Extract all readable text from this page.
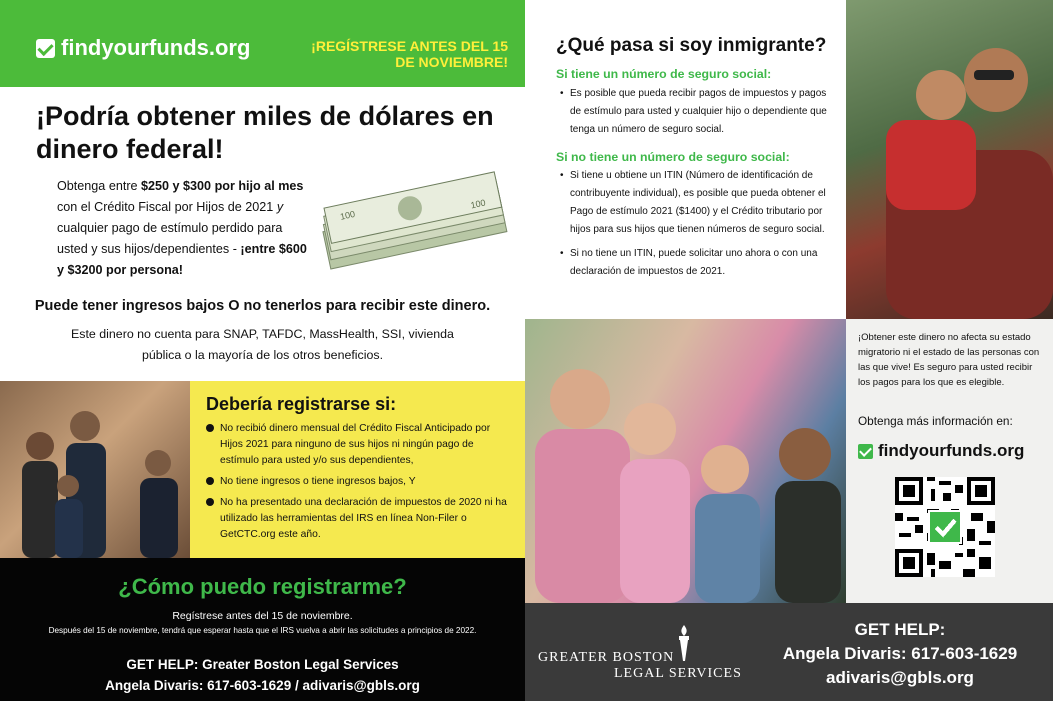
findyourfunds.org	¡REGÍSTRESE ANTES DEL 15 DE NOVIEMBRE!
¡Podría obtener miles de dólares en dinero federal!
Obtenga entre $250 y $300 por hijo al mes con el Crédito Fiscal por Hijos de 2021 y cualquier pago de estímulo perdido para usted y sus hijos/dependientes - ¡entre $600 y $3200 por persona!
100
100
Puede tener ingresos bajos O no tenerlos para recibir este dinero.
Este dinero no cuenta para SNAP, TAFDC, MassHealth, SSI, vivienda pública o la mayoría de los otros beneficios.
Debería registrarse si:
No recibió dinero mensual del Crédito Fiscal Anticipado por Hijos 2021 para ninguno de sus hijos ni ningún pago de estímulo para usted y/o sus dependientes,
No tiene ingresos o tiene ingresos bajos, Y
No ha presentado una declaración de impuestos de 2020 ni ha utilizado las herramientas del IRS en línea Non-Filer o GetCTC.org este año.
¿Cómo puedo registrarme?
Regístrese antes del 15 de noviembre.
Después del 15 de noviembre, tendrá que esperar hasta que el IRS vuelva a abrir las solicitudes a principios de 2022.
GET HELP: Greater Boston Legal Services
Angela Divaris: 617-603-1629 / adivaris@gbls.org
¿Qué pasa si soy inmigrante?
Si tiene un número de seguro social:
• Es posible que pueda recibir pagos de impuestos y pagos de estímulo para usted y cualquier hijo o dependiente que tenga un número de seguro social.
Si no tiene un número de seguro social:
• Si tiene u obtiene un ITIN (Número de identificación de contribuyente individual), es posible que pueda obtener el Pago de estímulo 2021 ($1400) y el Crédito tributario por hijos para sus hijos que tienen números de seguro social.
• Si no tiene un ITIN, puede solicitar uno ahora o con una declaración de impuestos de 2021.
¡Obtener este dinero no afecta su estado migratorio ni el estado de las personas con las que vive! Es seguro para usted recibir los pagos para los que es elegible.
Obtenga más información en:
findyourfunds.org
GREATER BOSTON
LEGAL SERVICES
GET HELP:
Angela Divaris: 617-603-1629
adivaris@gbls.org
